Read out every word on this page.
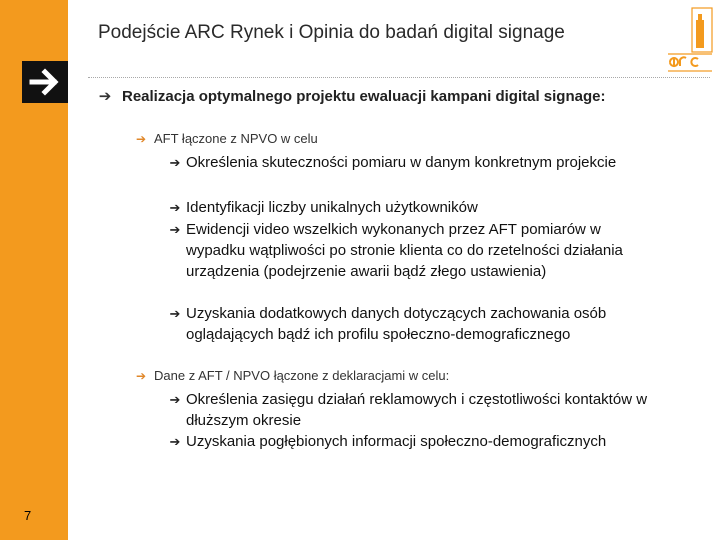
7
Podejście ARC Rynek i Opinia do badań digital signage
➔ Realizacja optymalnego projektu ewaluacji kampani digital signage:
➔ AFT łączone z NPVO w celu
➔ Określenia skuteczności pomiaru w danym konkretnym projekcie
➔ Identyfikacji liczby unikalnych użytkowników
➔ Ewidencji video wszelkich wykonanych przez AFT pomiarów w wypadku wątpliwości po stronie klienta co do rzetelności działania urządzenia (podejrzenie awarii bądź złego ustawienia)
➔ Uzyskania dodatkowych danych dotyczących zachowania osób oglądających bądź ich profilu społeczno-demograficznego
➔ Dane z AFT / NPVO łączone z deklaracjami w celu:
➔ Określenia zasięgu działań reklamowych i częstotliwości kontaktów w dłuższym okresie
➔ Uzyskania pogłębionych informacji społeczno-demograficznych
